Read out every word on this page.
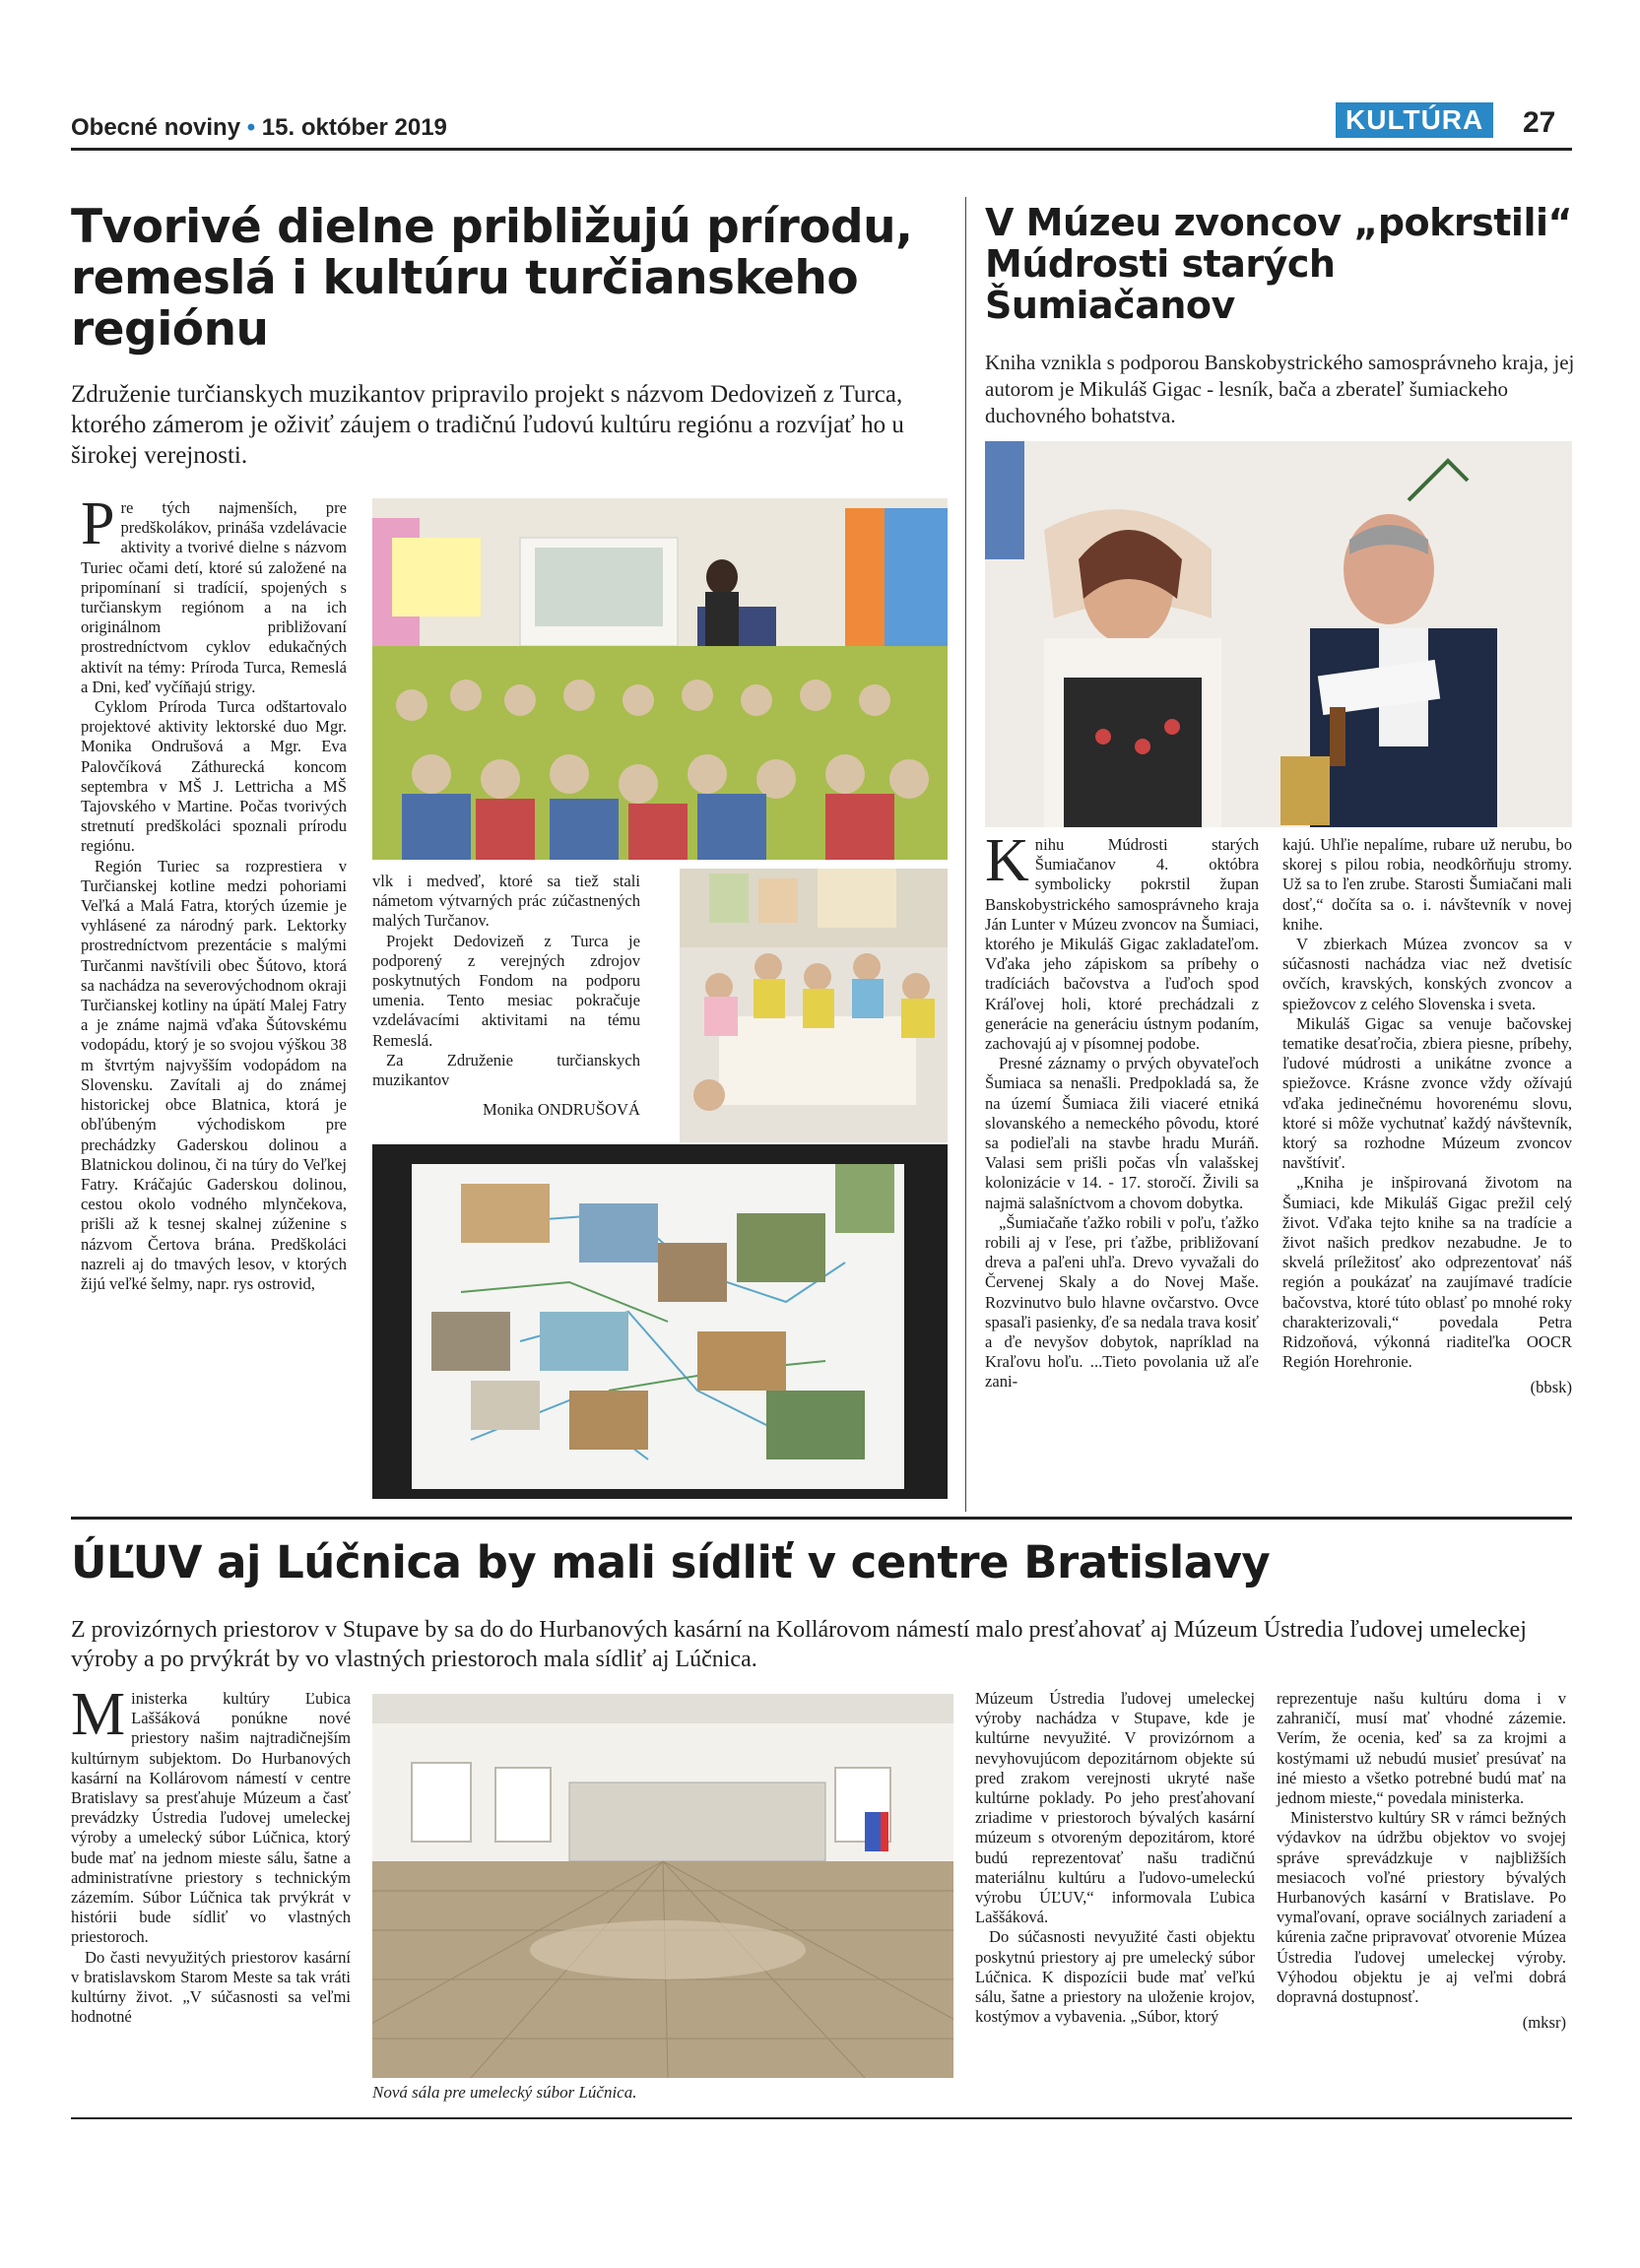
Obecné noviny • 15. október 2019	KULTÚRA	27
Tvorivé dielne približujú prírodu, remeslá i kultúru turčianskeho regiónu
Združenie turčianskych muzikantov pripravilo projekt s názvom Dedovizeň z Turca, ktorého zámerom je oživiť záujem o tradičnú ľudovú kultúru regiónu a rozvíjať ho u širokej verejnosti.

Pre tých najmenších, pre predškolákov, prináša vzdelávacie aktivity a tvorivé dielne s názvom Turiec očami detí, ktoré sú založené na pripomínaní si tradícií, spojených s turčianskym regiónom a na ich originálnom približovaní prostredníctvom cyklov edukačných aktivít na témy: Príroda Turca, Remeslá a Dni, keď vyčíňajú strigy.

Cyklom Príroda Turca odštartovalo projektové aktivity lektorské duo Mgr. Monika Ondrušová a Mgr. Eva Palovčíková Záthurecká koncom septembra v MŠ J. Lettricha a MŠ Tajovského v Martine. Počas tvorivých stretnutí predškoláci spoznali prírodu regiónu.

Región Turiec sa rozprestiera v Turčianskej kotline medzi pohoriami Veľká a Malá Fatra, ktorých územie je vyhlásené za národný park. Lektorky prostredníctvom prezentácie s malými Turčanmi navštívili obec Šútovo, ktorá sa nachádza na severovýchodnom okraji Turčianskej kotliny na úpätí Malej Fatry a je známe najmä vďaka Šútovskému vodopádu, ktorý je so svojou výškou 38 m štvrtým najvyšším vodopádom na Slovensku. Zavítali aj do známej historickej obce Blatnica, ktorá je obľúbeným východiskom pre prechádzky Gaderskou dolinou a Blatnickou dolinou, či na túry do Veľkej Fatry. Kráčajúc Gaderskou dolinou, cestou okolo vodného mlynčekova, prišli až k tesnej skalnej zúženine s názvom Čertova brána. Predškoláci nazreli aj do tmavých lesov, v ktorých žijú veľké šelmy, napr. rys ostrovid,

vlk i medveď, ktoré sa tiež stali námetom výtvarných prác zúčastnených malých Turčanov.

Projekt Dedovizeň z Turca je podporený z verejných zdrojov poskytnutých Fondom na podporu umenia. Tento mesiac pokračuje vzdelávacími aktivitami na tému Remeslá.

Za Združenie turčianskych muzikantov

Monika ONDRUŠOVÁ
V Múzeu zvoncov „pokrstili“ Múdrosti starých Šumiačanov
Kniha vznikla s podporou Banskobystrického samosprávneho kraja, jej autorom je Mikuláš Gigac - lesník, bača a zberateľ šumiackeho duchovného bohatstva.

Knihu Múdrosti starých Šumiačanov 4. októbra symbolicky pokrstil župan Banskobystrického samosprávneho kraja Ján Lunter v Múzeu zvoncov na Šumiaci, ktorého je Mikuláš Gigac zakladateľom. Vďaka jeho zápiskom sa príbehy o tradíciách bačovstva a ľuďoch spod Kráľovej holi, ktoré prechádzali z generácie na generáciu ústnym podaním, zachovajú aj v písomnej podobe.

Presné záznamy o prvých obyvateľoch Šumiaca sa nenašli. Predpokladá sa, že na území Šumiaca žili viaceré etniká slovanského a nemeckého pôvodu, ktoré sa podieľali na stavbe hradu Muráň. Valasi sem prišli počas vĺn valašskej kolonizácie v 14. - 17. storočí. Živili sa najmä salašníctvom a chovom dobytka.

„Šumiačaňe ťažko robili v poľu, ťažko robili aj v ľese, pri ťažbe, približovaní dreva a paľeni uhľa. Drevo vyvažali do Červenej Skaly a do Novej Maše. Rozvinutvo bulo hlavne ovčarstvo. Ovce spasaľi pasienky, ďe sa nedala trava kosiť a ďe nevyšov dobytok, napríklad na Kraľovu hoľu. ...Tieto povolania už aľe zani-

kajú. Uhľie nepalíme, rubare už nerubu, bo skorej s pilou robia, neodkôrňuju stromy. Už sa to ľen zrube. Starosti Šumiačani mali dosť,“ dočíta sa o. i. návštevník v novej knihe.

V zbierkach Múzea zvoncov sa v súčasnosti nachádza viac než dvetisíc ovčích, kravských, konských zvoncov a spiežovcov z celého Slovenska i sveta.

Mikuláš Gigac sa venuje bačovskej tematike desaťročia, zbiera piesne, príbehy, ľudové múdrosti a unikátne zvonce a spiežovce. Krásne zvonce vždy ožívajú vďaka jedinečnému hovorenému slovu, ktoré si môže vychutnať každý návštevník, ktorý sa rozhodne Múzeum zvoncov navštíviť.

„Kniha je inšpirovaná životom na Šumiaci, kde Mikuláš Gigac prežil celý život. Vďaka tejto knihe sa na tradície a život našich predkov nezabudne. Je to skvelá príležitosť ako odprezentovať náš región a poukázať na zaujímavé tradície bačovstva, ktoré túto oblasť po mnohé roky charakterizovali,“ povedala Petra Ridzoňová, výkonná riaditeľka OOCR Región Horehronie.

(bbsk)
ÚĽUV aj Lúčnica by mali sídliť v centre Bratislavy
Z provizórnych priestorov v Stupave by sa do do Hurbanových kasární na Kollárovom námestí malo presťahovať aj Múzeum Ústredia ľudovej umeleckej výroby a po prvýkrát by vo vlastných priestoroch mala sídliť aj Lúčnica.

Ministerka kultúry Ľubica Laššáková ponúkne nové priestory našim najtradičnejším kultúrnym subjektom. Do Hurbanových kasární na Kollárovom námestí v centre Bratislavy sa presťahuje Múzeum a časť prevádzky Ústredia ľudovej umeleckej výroby a umelecký súbor Lúčnica, ktorý bude mať na jednom mieste sálu, šatne a administratívne priestory s technickým zázemím. Súbor Lúčnica tak prvýkrát v histórii bude sídliť vo vlastných priestoroch.

Do časti nevyužitých priestorov kasární v bratislavskom Starom Meste sa tak vráti kultúrny život. „V súčasnosti sa veľmi hodnotné

Nová sála pre umelecký súbor Lúčnica.

Múzeum Ústredia ľudovej umeleckej výroby nachádza v Stupave, kde je kultúrne nevyužité. V provizórnom a nevyhovujúcom depozitárnom objekte sú pred zrakom verejnosti ukryté naše kultúrne poklady. Po jeho presťahovaní zriadime v priestoroch bývalých kasární múzeum s otvoreným depozitárom, ktoré budú reprezentovať našu tradičnú materiálnu kultúru a ľudovo-umeleckú výrobu ÚĽUV,“ informovala Ľubica Laššáková.

Do súčasnosti nevyužité časti objektu poskytnú priestory aj pre umelecký súbor Lúčnica. K dispozícii bude mať veľkú sálu, šatne a priestory na uloženie krojov, kostýmov a vybavenia. „Súbor, ktorý

reprezentuje našu kultúru doma i v zahraničí, musí mať vhodné zázemie. Verím, že ocenia, keď sa za krojmi a kostýmami už nebudú musieť presúvať na iné miesto a všetko potrebné budú mať na jednom mieste,“ povedala ministerka.

Ministerstvo kultúry SR v rámci bežných výdavkov na údržbu objektov vo svojej správe sprevádzkuje v najbližších mesiacoch voľné priestory bývalých Hurbanových kasární v Bratislave. Po vymaľovaní, oprave sociálnych zariadení a kúrenia začne pripravovať otvorenie Múzea Ústredia ľudovej umeleckej výroby. Výhodou objektu je aj veľmi dobrá dopravná dostupnosť.

(mksr)
